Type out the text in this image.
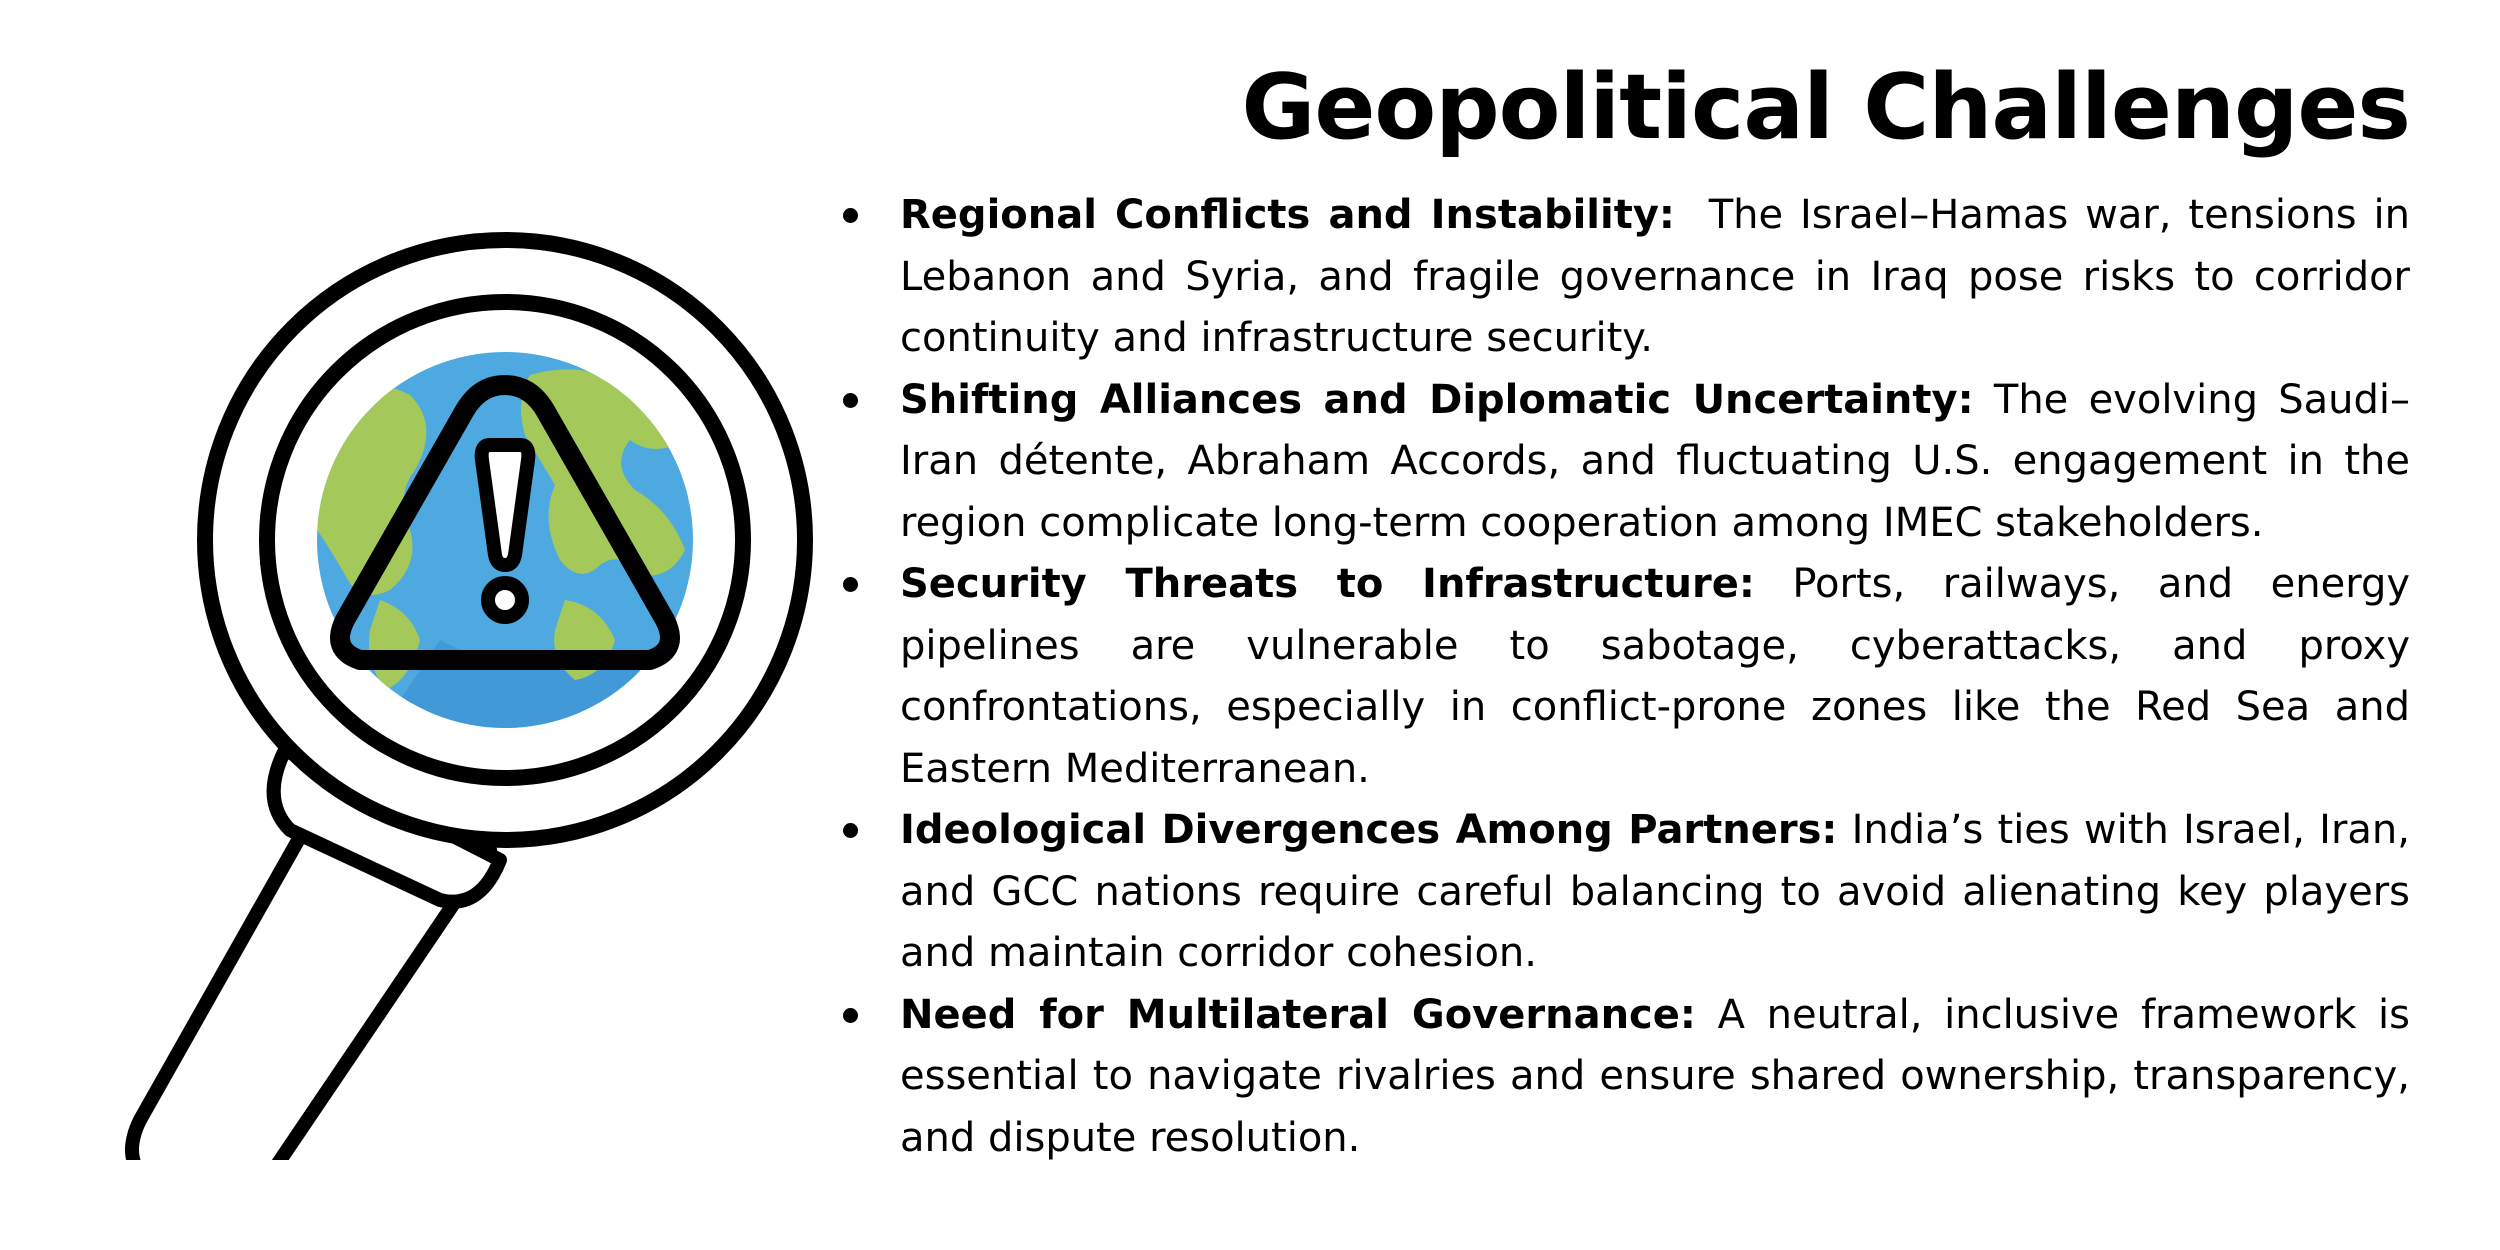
Geopolitical Challenges
Regional Conflicts and Instability: The Israel–Hamas war, tensions in Lebanon and Syria, and fragile governance in Iraq pose risks to corridor continuity and infrastructure security.
Shifting Alliances and Diplomatic Uncertainty: The evolving Saudi–Iran détente, Abraham Accords, and fluctuating U.S. engagement in the region complicate long-term cooperation among IMEC stakeholders.
Security Threats to Infrastructure: Ports, railways, and energy pipelines are vulnerable to sabotage, cyberattacks, and proxy confrontations, especially in conflict-prone zones like the Red Sea and Eastern Mediterranean.
Ideological Divergences Among Partners: India’s ties with Israel, Iran, and GCC nations require careful balancing to avoid alienating key players and maintain corridor cohesion.
Need for Multilateral Governance: A neutral, inclusive framework is essential to navigate rivalries and ensure shared ownership, transparency, and dispute resolution.
